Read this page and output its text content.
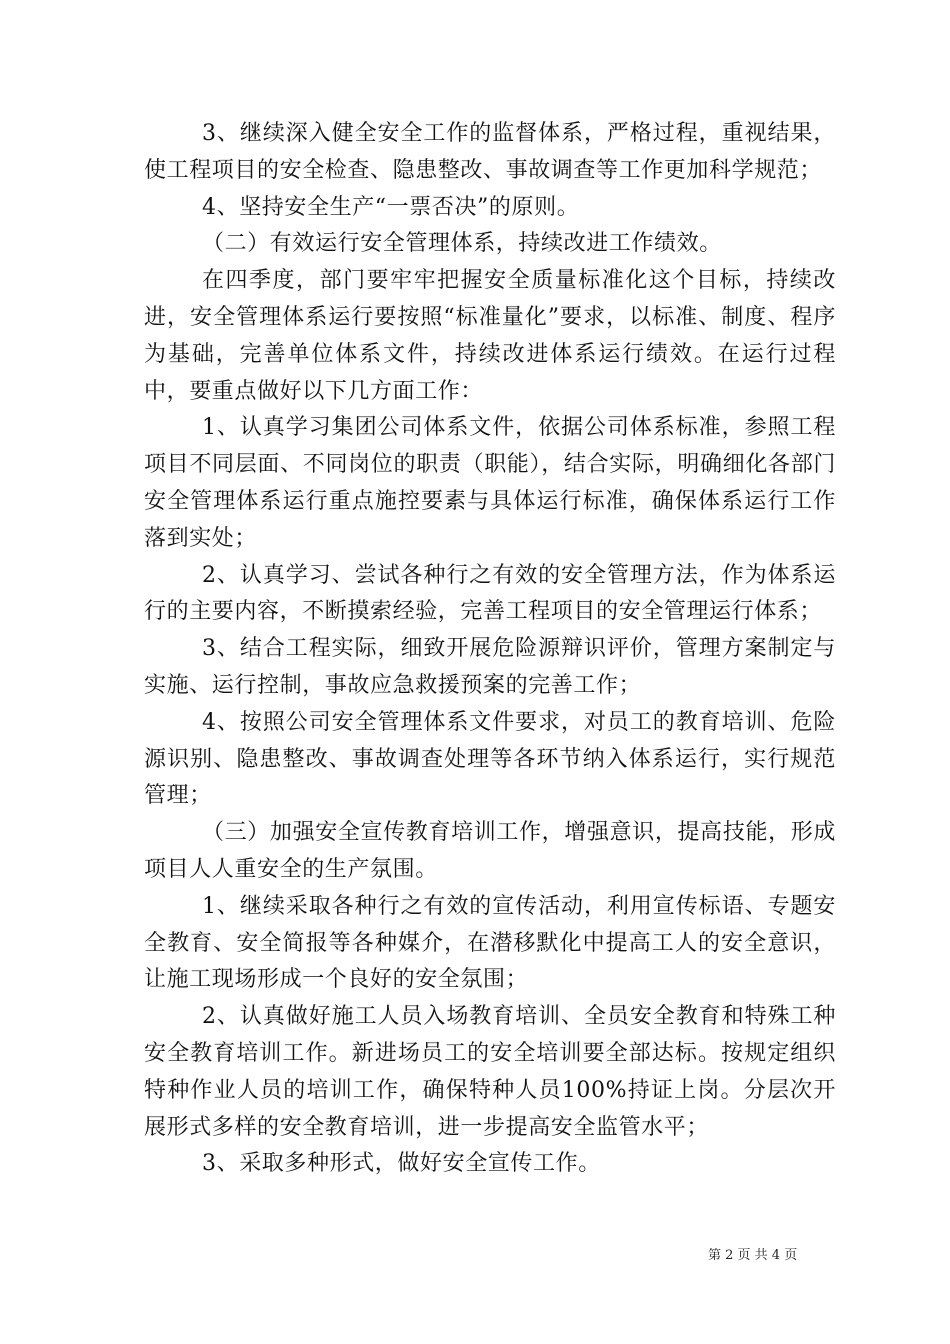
3、继续深入健全安全工作的监督体系，严格过程，重视结果，使工程项目的安全检查、隐患整改、事故调查等工作更加科学规范；

4、坚持安全生产“一票否决”的原则。

（二）有效运行安全管理体系，持续改进工作绩效。

在四季度，部门要牢牢把握安全质量标准化这个目标，持续改进，安全管理体系运行要按照“标准量化”要求，以标准、制度、程序为基础，完善单位体系文件，持续改进体系运行绩效。在运行过程中，要重点做好以下几方面工作：

1、认真学习集团公司体系文件，依据公司体系标准，参照工程项目不同层面、不同岗位的职责（职能），结合实际，明确细化各部门安全管理体系运行重点施控要素与具体运行标准，确保体系运行工作落到实处；

2、认真学习、尝试各种行之有效的安全管理方法，作为体系运行的主要内容，不断摸索经验，完善工程项目的安全管理运行体系；

3、结合工程实际，细致开展危险源辩识评价，管理方案制定与实施、运行控制，事故应急救援预案的完善工作；

4、按照公司安全管理体系文件要求，对员工的教育培训、危险源识别、隐患整改、事故调查处理等各环节纳入体系运行，实行规范管理；

（三）加强安全宣传教育培训工作，增强意识，提高技能，形成项目人人重安全的生产氛围。

1、继续采取各种行之有效的宣传活动，利用宣传标语、专题安全教育、安全简报等各种媒介，在潜移默化中提高工人的安全意识，让施工现场形成一个良好的安全氛围；

2、认真做好施工人员入场教育培训、全员安全教育和特殊工种安全教育培训工作。新进场员工的安全培训要全部达标。按规定组织特种作业人员的培训工作，确保特种人员100%持证上岗。分层次开展形式多样的安全教育培训，进一步提高安全监管水平；

3、采取多种形式，做好安全宣传工作。

第 2 页 共 4 页
